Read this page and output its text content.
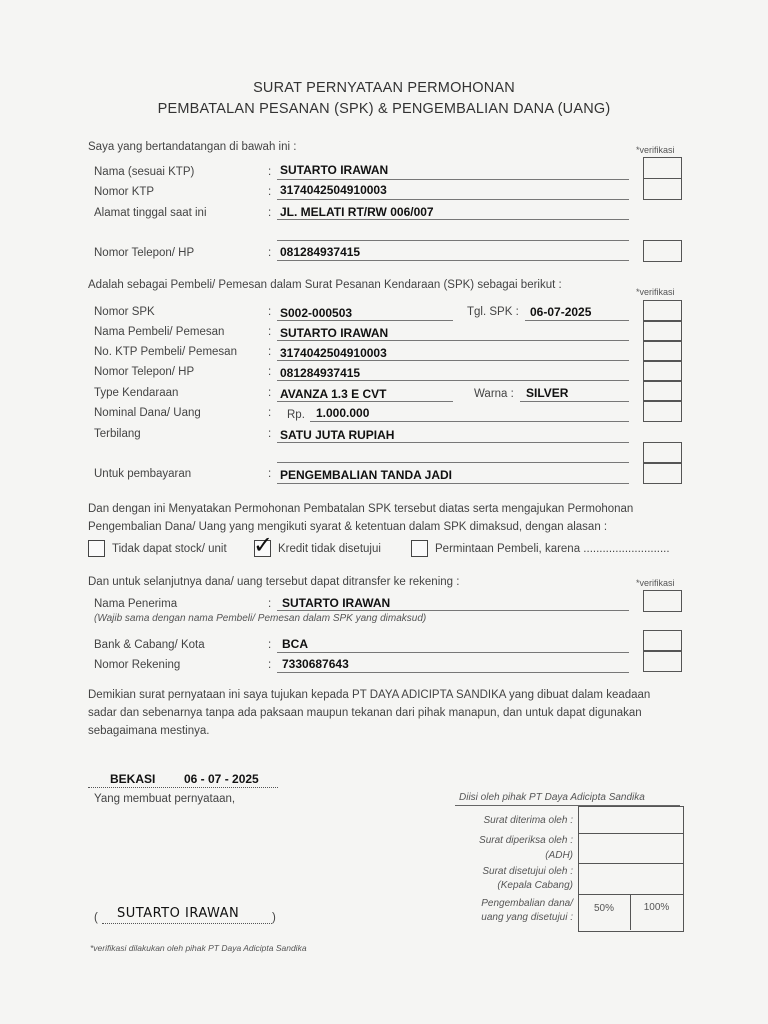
SURAT PERNYATAAN PERMOHONAN
PEMBATALAN PESANAN (SPK) & PENGEMBALIAN DANA (UANG)
Saya yang bertandatangan di bawah ini :	*verifikasi
Nama (sesuai KTP)	: SUTARTO IRAWAN
Nomor KTP	: 3174042504910003
Alamat tinggal saat ini	: JL. MELATI RT/RW 006/007
Nomor Telepon/ HP	: 081284937415
Adalah sebagai Pembeli/ Pemesan dalam Surat Pesanan Kendaraan (SPK) sebagai berikut :
*verifikasi
Nomor SPK	: S002-000503	Tgl. SPK : 06-07-2025
Nama Pembeli/ Pemesan	: SUTARTO IRAWAN
No. KTP Pembeli/ Pemesan	: 3174042504910003
Nomor Telepon/ HP	: 081284937415
Type Kendaraan	: AVANZA 1.3 E CVT	Warna : SILVER
Nominal Dana/ Uang	: Rp. 1.000.000
Terbilang	: SATU JUTA RUPIAH
Untuk pembayaran	: PENGEMBALIAN TANDA JADI
Dan dengan ini Menyatakan Permohonan Pembatalan SPK tersebut diatas serta mengajukan Permohonan
Pengembalian Dana/ Uang yang mengikuti syarat & ketentuan dalam SPK dimaksud, dengan alasan :
Tidak dapat stock/ unit ✓ Kredit tidak disetujui	Permintaan Pembeli, karena ...........................
Dan untuk selanjutnya dana/ uang tersebut dapat ditransfer ke rekening :	*verifikasi
Nama Penerima	: SUTARTO IRAWAN
(Wajib sama dengan nama Pembeli/ Pemesan dalam SPK yang dimaksud)
Bank & Cabang/ Kota	: BCA
Nomor Rekening	: 7330687643
Demikian surat pernyataan ini saya tujukan kepada PT DAYA ADICIPTA SANDIKA yang dibuat dalam keadaan
sadar dan sebenarnya tanpa ada paksaan maupun tekanan dari pihak manapun, dan untuk dapat digunakan
sebagaimana mestinya.
BEKASI 06 - 07 - 2025
Yang membuat pernyataan,
( SUTARTO IRAWAN	)
Diisi oleh pihak PT Daya Adicipta Sandika
Surat diterima oleh :
Surat diperiksa oleh :
(ADH)
Surat disetujui oleh :
(Kepala Cabang)
Pengembalian dana/
uang yang disetujui :
50%	100%
*verifikasi dilakukan oleh pihak PT Daya Adicipta Sandika
